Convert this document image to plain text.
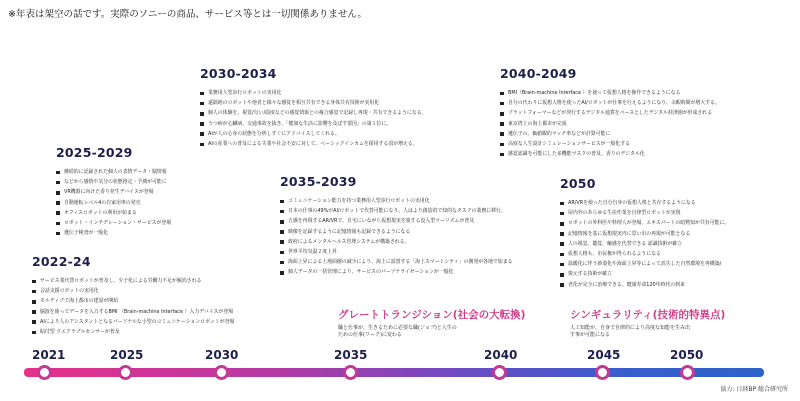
※年表は架空の話です。実際のソニーの商品、サービス等とは一切関係ありません。
2022-24
サービス業代替ロボットが普及し、少子化による労働力不足が解消される
会話支援ロボットの実用化
モルディブで海上都市の建設が開始
脳波を使ってデータを入力するBMI （Brain-machine Interface ）入力デバイスが登場
AIにより人のアシスタントとなるパーソナルな小型のコミュニケーションロボットが登場
貼付型 ウエアラブルセンサーが普及
2025-2029
継続的に記録された個人の表情データ・脳情報
などから感情や気分の状態推定・予測が可能に
VR機器に向けた香り発生デバイスが登場
自動運転レベル4の自家用車の発売
オフィスロボットの利用が始まる
ロボット・インテグレーション・サービスが登場
遺伝子検査が一般化
2030-2034
業務用人型歩行ロボットの実用化
遠隔地のロボットや他者と様々な感覚を相互共有できる身体共有技術が実用化
個人の体験を、視覚/匂い/温度などの感覚情報との複合感覚で記録し再現・共有できるようになる。
うつ病が心臓病、交通事故を抜き、「健康な生活に影響を及ぼす要因」の第１位に。
AIが人の心身の状態を分析しすぐにアドバイスしてくれる。
AIの産業への普及による失業や社会不安に対して、ベーシックインカムを採用する国が増える。
2035-2039
コミュニケーション能力を持つ業務用人型歩行ロボットの実用化
日本の仕事の49%がAI/ロボットで代替可能になり、人はより創造的で知的なタスクの業務に移行。
五感を再現するAR/VRで、自宅にいながら仮想現実を旅する没入型ツーリズムが普及
映像を記録するように記憶情報も記録できるようになる
政府によるメンタルヘルス管理システムが構築される。
世界平均気温２度上昇
海面上昇による土地面積の減少により、海上に設置する「海上スマートシティ」の開発が各地で始まる
個人データの一括管理により、サービスのパーソナライゼーションが一般化
2040-2049
BMI（Brain-machine Interface ）を使って仮想人格を操作できるようになる
自分の代わりに仮想人格を使ったAI/ロボットが仕事を行えるようになり、余暇時間が増大する。
プラットフォーマーなどが発行するデジタル通貨をベースとしたデジタル経済圏が形成される
東京湾上の海上都市が完成
遺伝子の、価値観的マッチ率などが計算可能に
高度な人生設計シミュレーションサービスが一般化する
感覚認識を可能にした多機能マスクの普及、香りのデジタル化
2050
AR/VRを使った自分自身の仮想人格と共存するようになる
屋内外のあらゆる生産作業を自律型ロボットが実現
ロボットの外科医や料理人が登場、エキスパートの暗黙知が共有可能に。
記憶情報を基に仮想現実内に思い出の再現が可能となる
人の視覚、聴覚、触感を代替できる 認識技術が確立
仮想人格も、市民権が得られるようになる
温暖化に伴う砂漠化や海面上昇等によって消失した自然環境を再構築/
復元する技術が確立
老化が完全に治療できる。健康寿命120年時代の到来
グレートトランジション(社会の大転換)
職と仕事が、生きるために必要な職(ジョブ)と人生のための仕事(ワーク)に変わる
シンギュラリティ(技術的特異点)
人工知能が、自身で自律的により高度な知能を生み出す事が可能になる
2021	2025	2030	2035	2040	2045	2050
協力: 日経BP 総合研究所
